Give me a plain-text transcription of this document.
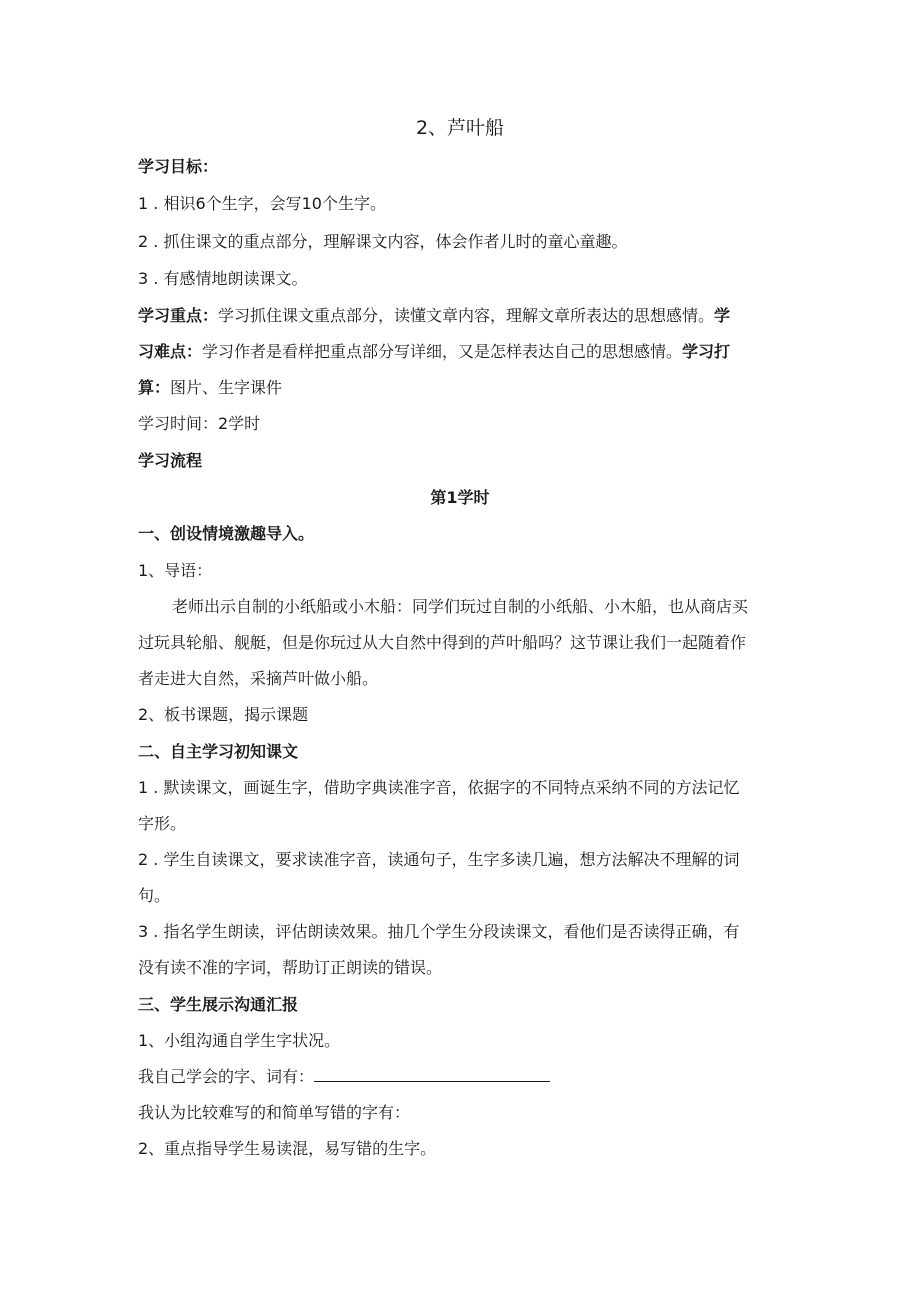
2、芦叶船
学习目标：
1 . 相识6个生字，会写10个生字。
2 . 抓住课文的重点部分，理解课文内容，体会作者儿时的童心童趣。
3 . 有感情地朗读课文。
学习重点：学习抓住课文重点部分，读懂文章内容，理解文章所表达的思想感情。学
习难点：学习作者是看样把重点部分写详细，又是怎样表达自己的思想感情。学习打
算：图片、生字课件
学习时间：2学时
学习流程
第1学时
一、创设情境激趣导入。
1、导语：
老师出示自制的小纸船或小木船：同学们玩过自制的小纸船、小木船，也从商店买
过玩具轮船、舰艇，但是你玩过从大自然中得到的芦叶船吗？这节课让我们一起随着作
者走进大自然，采摘芦叶做小船。
2、板书课题，揭示课题
二、自主学习初知课文
1 . 默读课文，画诞生字，借助字典读准字音，依据字的不同特点采纳不同的方法记忆
字形。
2 . 学生自读课文，要求读准字音，读通句子，生字多读几遍，想方法解决不理解的词
句。
3 . 指名学生朗读，评估朗读效果。抽几个学生分段读课文，看他们是否读得正确，有
没有读不准的字词，帮助订正朗读的错误。
三、学生展示沟通汇报
1、小组沟通自学生字状况。
我自己学会的字、词有：
我认为比较难写的和简单写错的字有：
2、重点指导学生易读混，易写错的生字。
